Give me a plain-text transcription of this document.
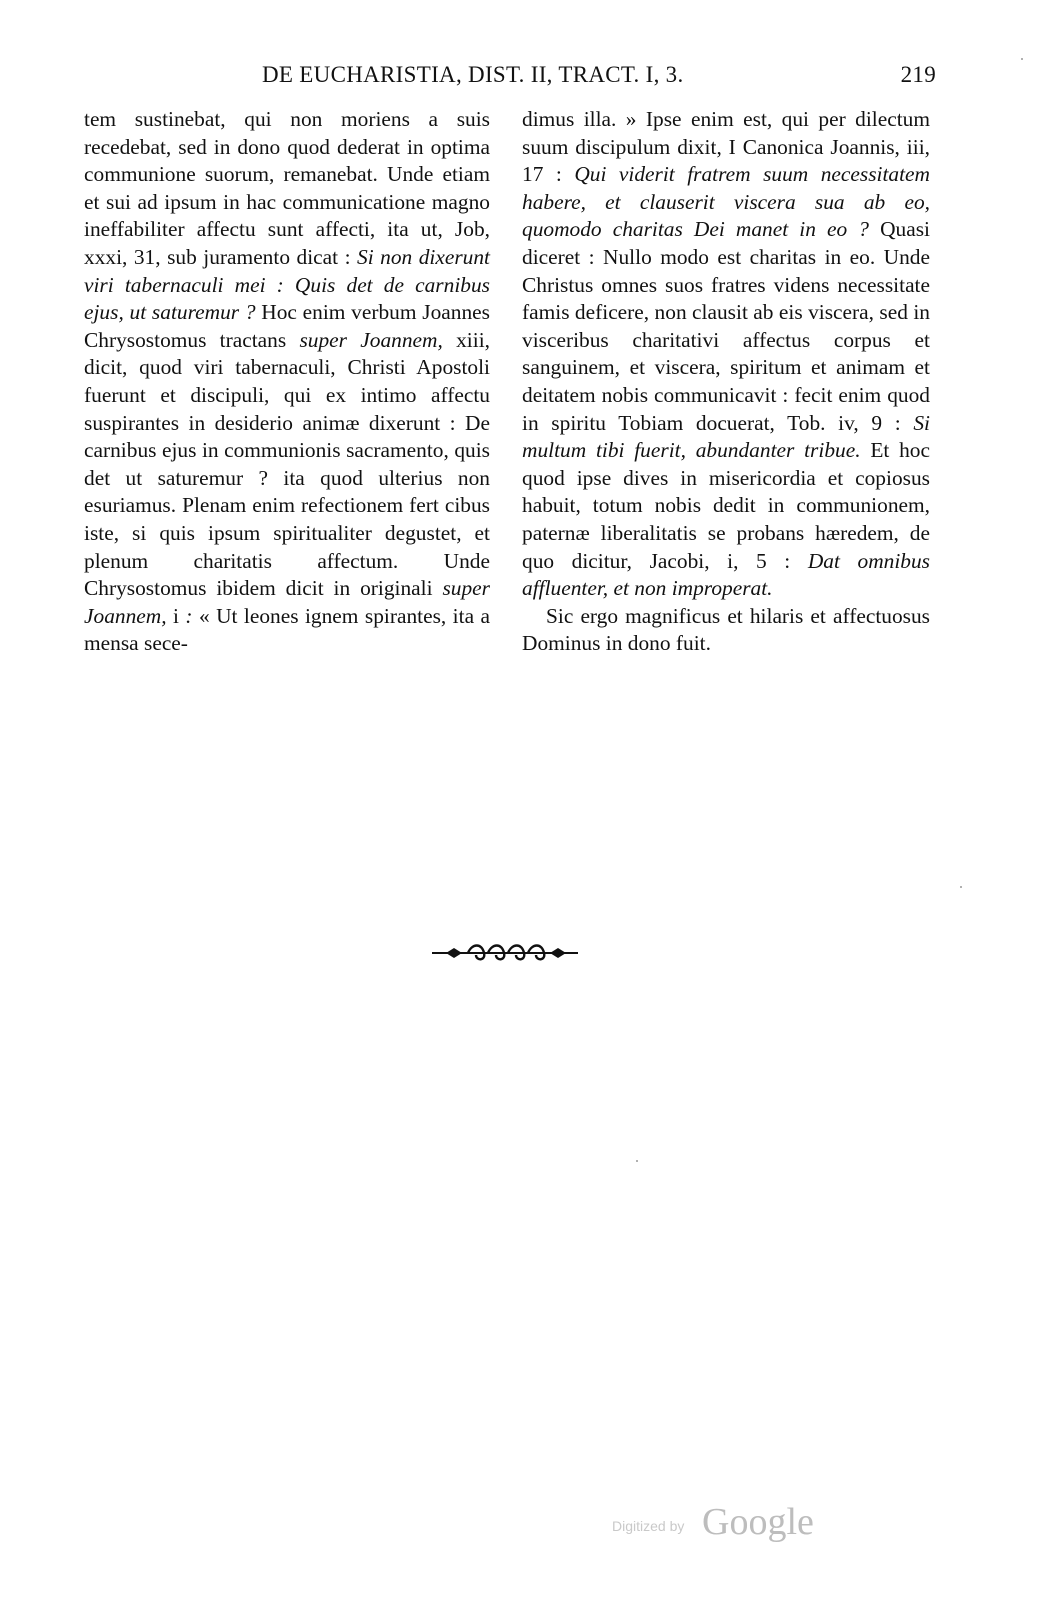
DE EUCHARISTIA, DIST. II, TRACT. I, 3.	219

tem sustinebat, qui non moriens a suis recedebat, sed in dono quod dederat in optima communione suorum, remanebat. Unde etiam et sui ad ipsum in hac communicatione magno ineffabiliter affectu sunt affecti, ita ut, Job, xxxi, 31, sub juramento dicat : Si non dixerunt viri tabernaculi mei : Quis det de carnibus ejus, ut saturemur ? Hoc enim verbum Joannes Chrysostomus tractans super Joannem, xiii, dicit, quod viri tabernaculi, Christi Apostoli fuerunt et discipuli, qui ex intimo affectu suspirantes in desiderio animæ dixerunt : De carnibus ejus in communionis sacramento, quis det ut saturemur ? ita quod ulterius non esuriamus. Plenam enim refectionem fert cibus iste, si quis ipsum spiritualiter degustet, et plenum charitatis affectum. Unde Chrysostomus ibidem dicit in originali super Joannem, i : « Ut leones ignem spirantes, ita a mensa sece-

dimus illa. » Ipse enim est, qui per dilectum suum discipulum dixit, I Canonica Joannis, iii, 17 : Qui viderit fratrem suum necessitatem habere, et clauserit viscera sua ab eo, quomodo charitas Dei manet in eo ? Quasi diceret : Nullo modo est charitas in eo. Unde Christus omnes suos fratres videns necessitate famis deficere, non clausit ab eis viscera, sed in visceribus charitativi affectus corpus et sanguinem, et viscera, spiritum et animam et deitatem nobis communicavit : fecit enim quod in spiritu Tobiam docuerat, Tob. iv, 9 : Si multum tibi fuerit, abundanter tribue. Et hoc quod ipse dives in misericordia et copiosus habuit, totum nobis dedit in communionem, paternæ liberalitatis se probans hæredem, de quo dicitur, Jacobi, i, 5 : Dat omnibus affluenter, et non improperat.

Sic ergo magnificus et hilaris et affectuosus Dominus in dono fuit.

Digitized by Google
